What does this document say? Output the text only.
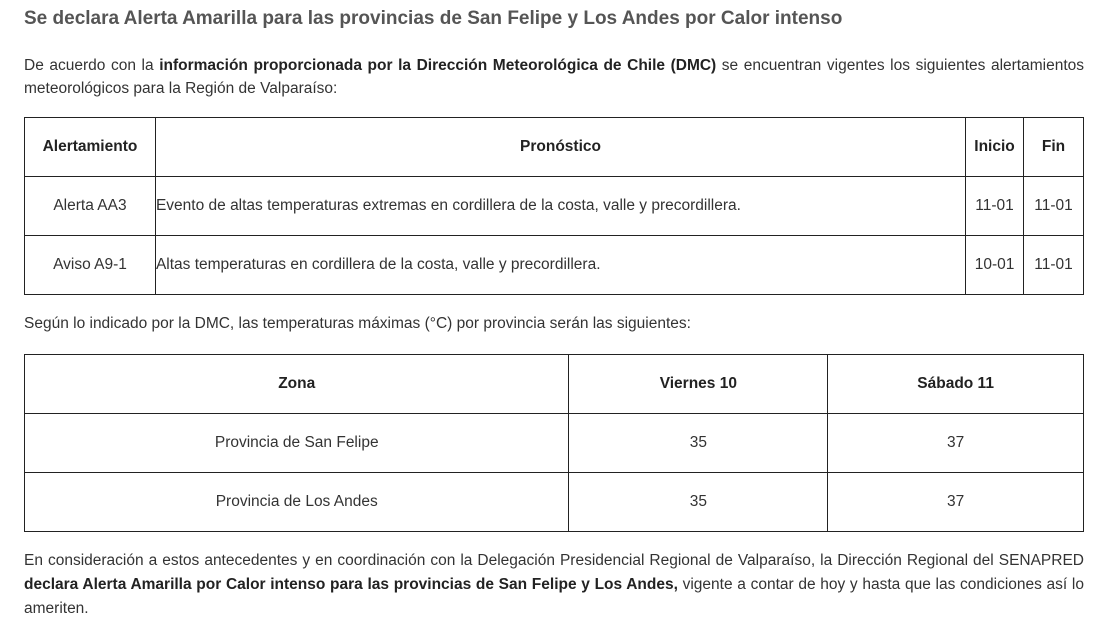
Se declara Alerta Amarilla para las provincias de San Felipe y Los Andes por Calor intenso

De acuerdo con la información proporcionada por la Dirección Meteorológica de Chile (DMC) se encuentran vigentes los siguientes alertamientos meteorológicos para la Región de Valparaíso:

Alertamiento	Pronóstico	Inicio	Fin
Alerta AA3	Evento de altas temperaturas extremas en cordillera de la costa, valle y precordillera.	11-01	11-01
Aviso A9-1	Altas temperaturas en cordillera de la costa, valle y precordillera.	10-01	11-01

Según lo indicado por la DMC, las temperaturas máximas (°C) por provincia serán las siguientes:

Zona	Viernes 10	Sábado 11
Provincia de San Felipe	35	37
Provincia de Los Andes	35	37

En consideración a estos antecedentes y en coordinación con la Delegación Presidencial Regional de Valparaíso, la Dirección Regional del SENAPRED declara Alerta Amarilla por Calor intenso para las provincias de San Felipe y Los Andes, vigente a contar de hoy y hasta que las condiciones así lo ameriten.
